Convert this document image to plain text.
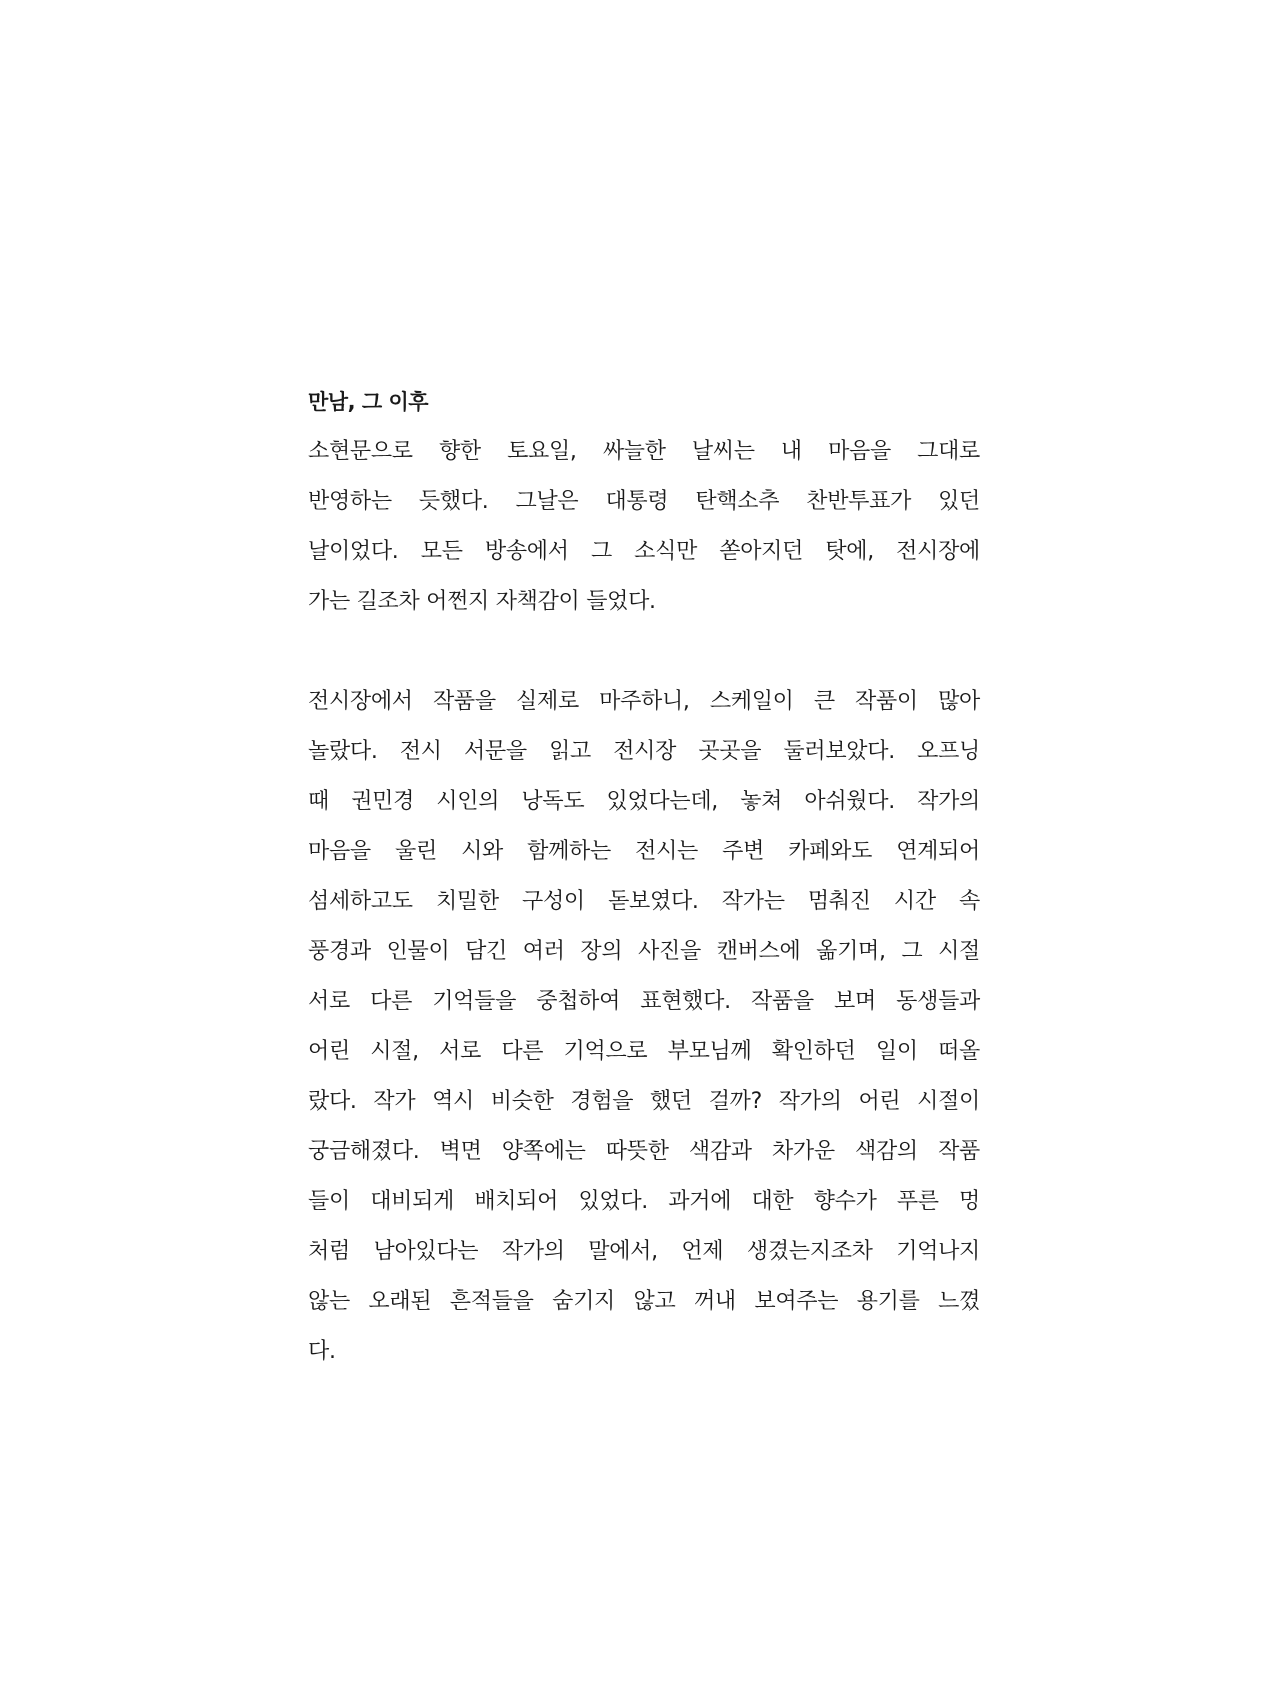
만남, 그 이후
소현문으로 향한 토요일, 싸늘한 날씨는 내 마음을 그대로
반영하는 듯했다. 그날은 대통령 탄핵소추 찬반투표가 있던
날이었다. 모든 방송에서 그 소식만 쏟아지던 탓에, 전시장에
가는 길조차 어쩐지 자책감이 들었다.
전시장에서 작품을 실제로 마주하니, 스케일이 큰 작품이 많아
놀랐다. 전시 서문을 읽고 전시장 곳곳을 둘러보았다. 오프닝
때 권민경 시인의 낭독도 있었다는데, 놓쳐 아쉬웠다. 작가의
마음을 울린 시와 함께하는 전시는 주변 카페와도 연계되어
섬세하고도 치밀한 구성이 돋보였다. 작가는 멈춰진 시간 속
풍경과 인물이 담긴 여러 장의 사진을 캔버스에 옮기며, 그 시절
서로 다른 기억들을 중첩하여 표현했다. 작품을 보며 동생들과
어린 시절, 서로 다른 기억으로 부모님께 확인하던 일이 떠올
랐다. 작가 역시 비슷한 경험을 했던 걸까? 작가의 어린 시절이
궁금해졌다. 벽면 양쪽에는 따뜻한 색감과 차가운 색감의 작품
들이 대비되게 배치되어 있었다. 과거에 대한 향수가 푸른 멍
처럼 남아있다는 작가의 말에서, 언제 생겼는지조차 기억나지
않는 오래된 흔적들을 숨기지 않고 꺼내 보여주는 용기를 느꼈
다.
